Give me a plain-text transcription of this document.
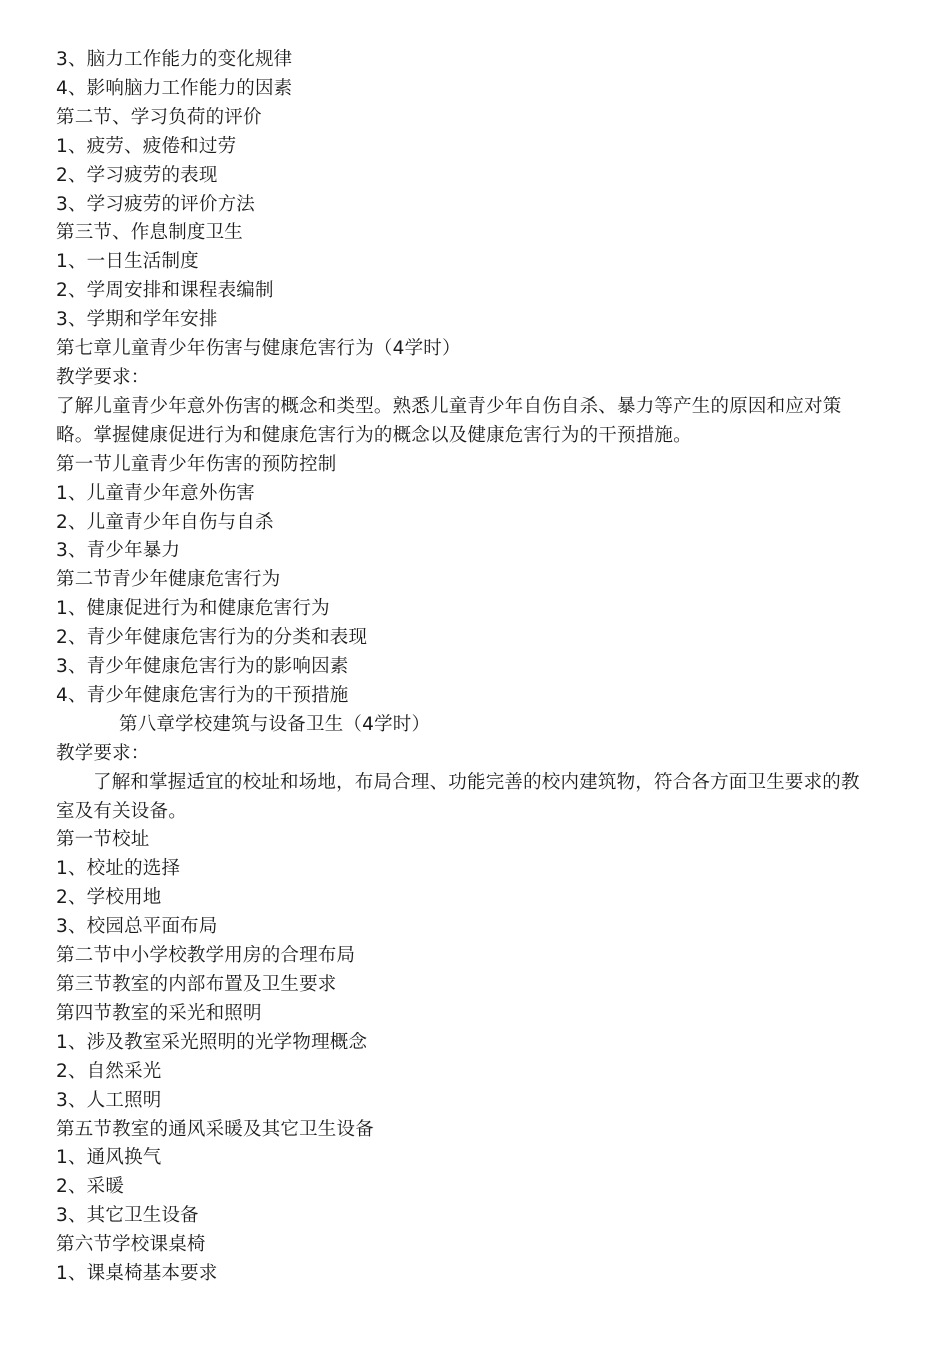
3、脑力工作能力的变化规律

4、影响脑力工作能力的因素

第二节、学习负荷的评价

1、疲劳、疲倦和过劳

2、学习疲劳的表现

3、学习疲劳的评价方法

第三节、作息制度卫生

1、一日生活制度

2、学周安排和课程表编制

3、学期和学年安排

第七章儿童青少年伤害与健康危害行为（4学时）

教学要求：

了解儿童青少年意外伤害的概念和类型。熟悉儿童青少年自伤自杀、暴力等产生的原因和应对策

略。掌握健康促进行为和健康危害行为的概念以及健康危害行为的干预措施。

第一节儿童青少年伤害的预防控制

1、儿童青少年意外伤害

2、儿童青少年自伤与自杀

3、青少年暴力

第二节青少年健康危害行为

1、健康促进行为和健康危害行为

2、青少年健康危害行为的分类和表现

3、青少年健康危害行为的影响因素

4、青少年健康危害行为的干预措施

第八章学校建筑与设备卫生（4学时）

教学要求：

了解和掌握适宜的校址和场地，布局合理、功能完善的校内建筑物，符合各方面卫生要求的教

室及有关设备。

第一节校址

1、校址的选择

2、学校用地

3、校园总平面布局

第二节中小学校教学用房的合理布局

第三节教室的内部布置及卫生要求

第四节教室的采光和照明

1、涉及教室采光照明的光学物理概念

2、自然采光

3、人工照明

第五节教室的通风采暖及其它卫生设备

1、通风换气

2、采暖

3、其它卫生设备

第六节学校课桌椅

1、课桌椅基本要求
